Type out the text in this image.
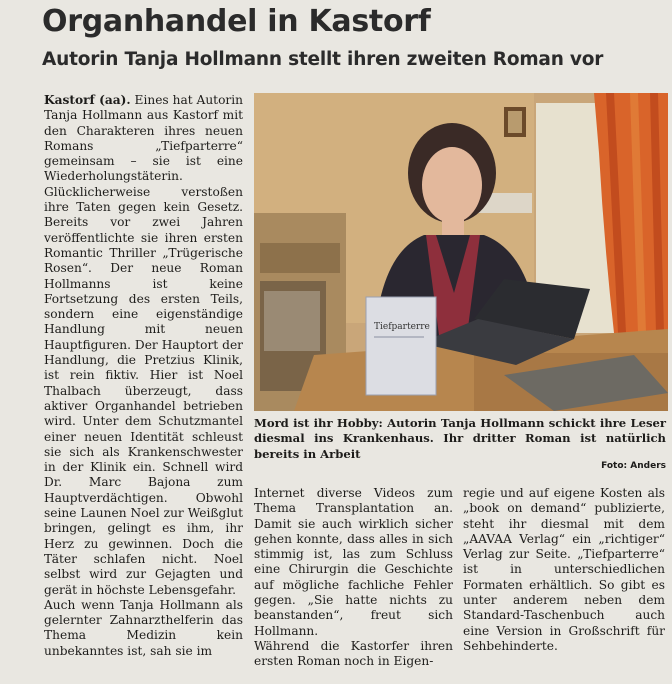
Organhandel in Kastorf
Autorin Tanja Hollmann stellt ihren zweiten Roman vor

Kastorf (aa). Eines hat Autorin Tanja Hollmann aus Kastorf mit den Charakteren ihres neuen Romans „Tiefparterre“ gemeinsam – sie ist eine Wiederholungstäterin. Glücklicherweise verstoßen ihre Taten gegen kein Gesetz. Bereits vor zwei Jahren veröffentlichte sie ihren ersten Romantic Thriller „Trügerische Rosen“. Der neue Roman Hollmanns ist keine Fortsetzung des ersten Teils, sondern eine eigenständige Handlung mit neuen Hauptfiguren. Der Hauptort der Handlung, die Pretzius Klinik, ist rein fiktiv. Hier ist Noel Thalbach überzeugt, dass aktiver Organhandel betrieben wird. Unter dem Schutzmantel einer neuen Identität schleust sie sich als Krankenschwester in der Klinik ein. Schnell wird Dr. Marc Bajona zum Hauptverdächtigen. Obwohl seine Launen Noel zur Weißglut bringen, gelingt es ihm, ihr Herz zu gewinnen. Doch die Täter schlafen nicht. Noel selbst wird zur Gejagten und gerät in höchste Lebensgefahr.

Auch wenn Tanja Hollmann als gelernter Zahnarzthelferin das Thema Medizin kein unbekanntes ist, sah sie im

Tiefparterre
Mord ist ihr Hobby: Autorin Tanja Hollmann schickt ihre Leser diesmal ins Krankenhaus. Ihr dritter Roman ist natürlich bereits in Arbeit
Foto: Anders

Internet diverse Videos zum Thema Transplantation an. Damit sie auch wirklich sicher gehen konnte, dass alles in sich stimmig ist, las zum Schluss eine Chirurgin die Geschichte auf mögliche fachliche Fehler gegen. „Sie hatte nichts zu beanstanden“, freut sich Hollmann.

Während die Kastorfer ihren ersten Roman noch in Eigen-

regie und auf eigene Kosten als „book on demand“ publizierte, steht ihr diesmal mit dem „AAVAA Verlag“ ein „richtiger“ Verlag zur Seite. „Tiefparterre“ ist in unterschiedlichen Formaten erhältlich. So gibt es unter anderem neben dem Standard-Taschenbuch auch eine Version in Großschrift für Sehbehinderte.
